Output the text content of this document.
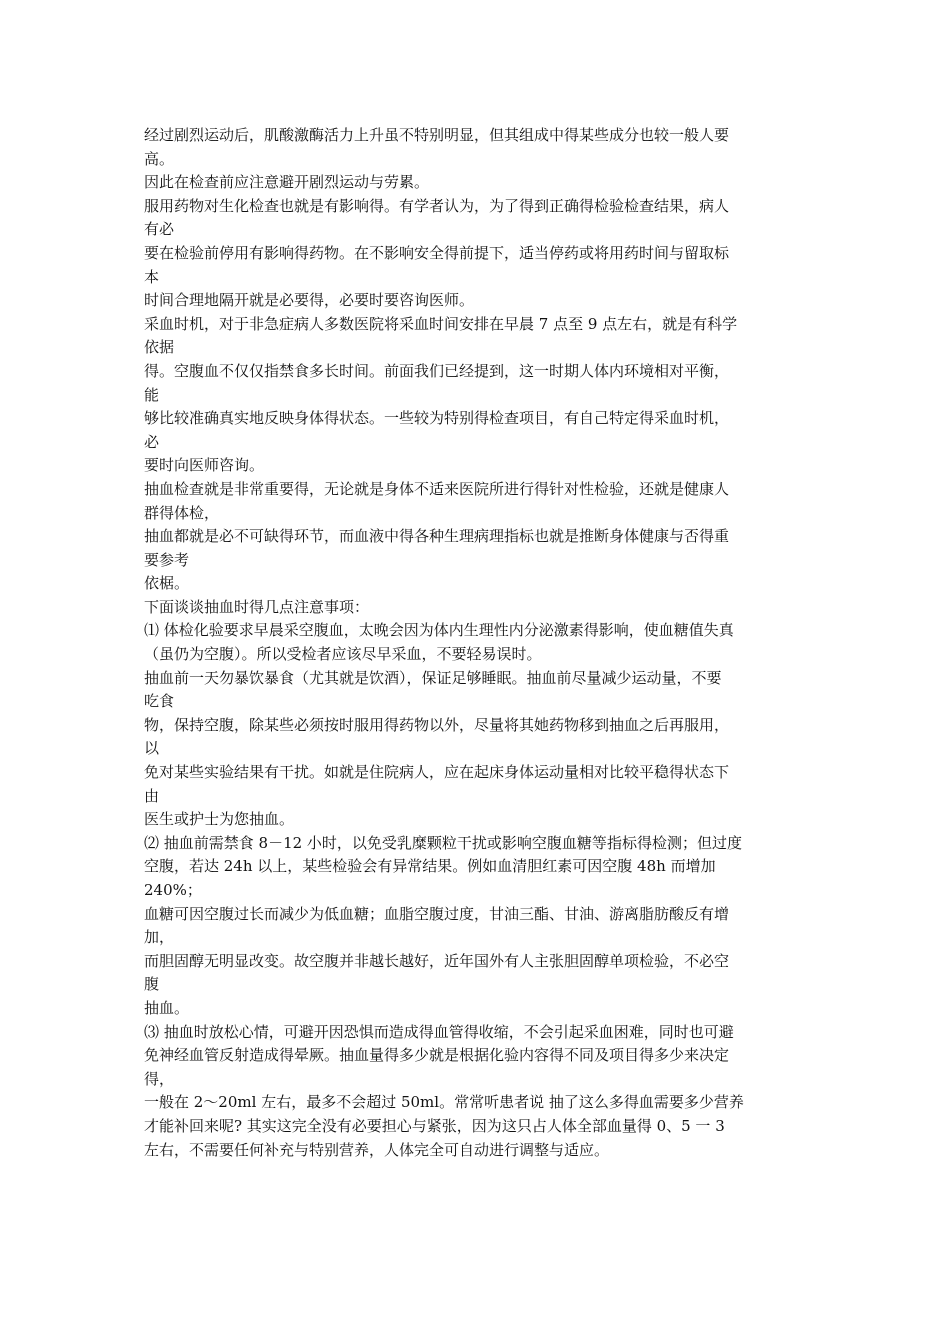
经过剧烈运动后，肌酸激酶活力上升虽不特别明显，但其组成中得某些成分也较一般人要
高。
因此在检查前应注意避开剧烈运动与劳累。
服用药物对生化检查也就是有影响得。有学者认为，为了得到正确得检验检查结果，病人
有必
要在检验前停用有影响得药物。在不影响安全得前提下，适当停药或将用药时间与留取标
本
时间合理地隔开就是必要得，必要时要咨询医师。
采血时机，对于非急症病人多数医院将采血时间安排在早晨 7 点至 9 点左右，就是有科学
依据
得。空腹血不仅仅指禁食多长时间。前面我们已经提到，这一时期人体内环境相对平衡，
能
够比较准确真实地反映身体得状态。一些较为特别得检查项目，有自己特定得采血时机，
必
要时向医师咨询。
抽血检查就是非常重要得，无论就是身体不适来医院所进行得针对性检验，还就是健康人
群得体检，
抽血都就是必不可缺得环节，而血液中得各种生理病理指标也就是推断身体健康与否得重
要参考
依椐。
下面谈谈抽血时得几点注意事项：
⑴ 体检化验要求早晨采空腹血，太晚会因为体内生理性内分泌激素得影响，使血糖值失真
（虽仍为空腹）。所以受检者应该尽早采血，不要轻易误时。
抽血前一天勿暴饮暴食（尤其就是饮酒），保证足够睡眠。抽血前尽量减少运动量，不要
吃食
物，保持空腹，除某些必须按时服用得药物以外，尽量将其她药物移到抽血之后再服用，
以
免对某些实验结果有干扰。如就是住院病人，应在起床身体运动量相对比较平稳得状态下
由
医生或护士为您抽血。
⑵ 抽血前需禁食 8－12 小时，以免受乳糜颗粒干扰或影响空腹血糖等指标得检测；但过度
空腹，若达 24h 以上，某些检验会有异常结果。例如血清胆红素可因空腹 48h 而增加
240%；
血糖可因空腹过长而减少为低血糖；血脂空腹过度，甘油三酯、甘油、游离脂肪酸反有增
加，
而胆固醇无明显改变。故空腹并非越长越好，近年国外有人主张胆固醇单项检验，不必空
腹
抽血。
⑶ 抽血时放松心情，可避开因恐惧而造成得血管得收缩，不会引起采血困难，同时也可避
免神经血管反射造成得晕厥。抽血量得多少就是根据化验内容得不同及项目得多少来决定
得，
一般在 2～20ml 左右，最多不会超过 50ml。常常听患者说 抽了这么多得血需要多少营养
才能补回来呢? 其实这完全没有必要担心与紧张，因为这只占人体全部血量得 0、5 一 3
左右，不需要任何补充与特别营养，人体完全可自动进行调整与适应。
